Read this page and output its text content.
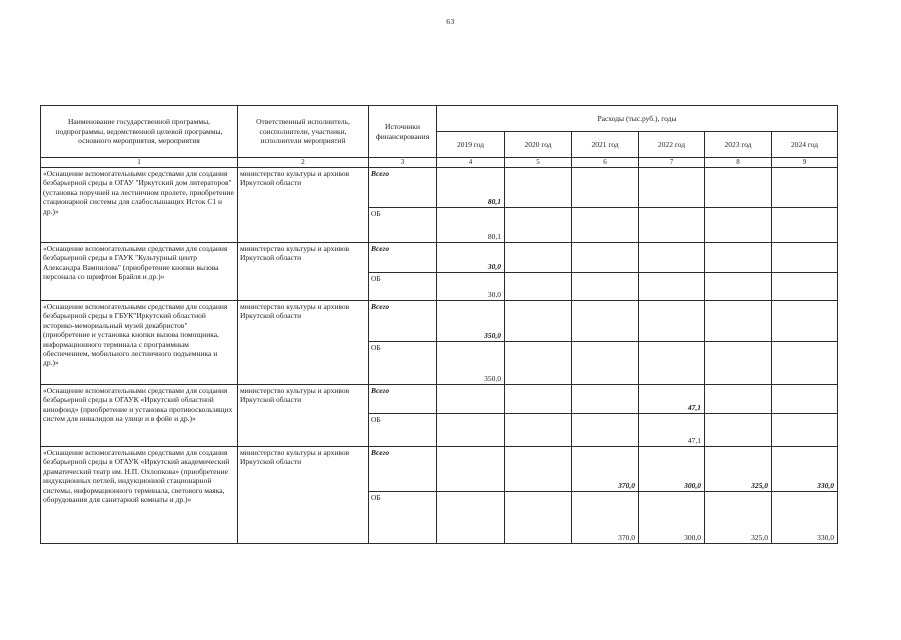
63
Наименование государственной программы, подпрограммы, ведомственной целевой программы, основного мероприятия, мероприятия	Ответственный исполнитель, соисполнители, участники, исполнители мероприятий	Источники финансирования	Расходы (тыс.руб.), годы					
			2019 год	2020 год	2021 год	2022 год	2023 год	2024 год
1	2	3	4	5	6	7	8	9
«Оснащение вспомогательными средствами для создания безбарьерной среды в ОГАУ "Иркутский дом литераторов" (установка поручней на лестничном пролете, приобретение стационарной системы для слабослышащих Исток С1 и др.)»	министерство культуры и архивов Иркутской области	Всего	80,1					
		ОБ	80,1					
«Оснащение вспомогательными средствами для создания безбарьерной среды в ГАУК "Культурный центр Александра Вампилова" (приобретение кнопки вызова персонала со шрифтом Брайля и др.)»	министерство культуры и архивов Иркутской области	Всего	30,0					
		ОБ	30,0					
«Оснащение вспомогательными средствами для создания безбарьерной среды в ГБУК"Иркутский областной историко-мемориальный музей декабристов" (приобретение и установка кнопки вызова помощника, информационного терминала с программным обеспечением, мобильного лестничного подъемника и др.)»	министерство культуры и архивов Иркутской области	Всего	350,0					
		ОБ	350,0					
«Оснащение вспомогательными средствами для создания безбарьерной среды в ОГАУК «Иркутский областной кинофонд» (приобретение и установка противоскользящих систем для инвалидов на улице и в фойе и др.)»	министерство культуры и архивов Иркутской области	Всего				47,1		
		ОБ				47,1		
«Оснащение вспомогательными средствами для создания безбарьерной среды в ОГАУК «Иркутский академический драматический театр им. Н.П. Охлопкова» (приобретение индукционных петлей, индукционной стационарной системы, информационного терминала, светового маяка, оборудования для санитарной комнаты и др.)»	министерство культуры и архивов Иркутской области	Всего			370,0	300,0	325,0	330,0
		ОБ			370,0	300,0	325,0	330,0
